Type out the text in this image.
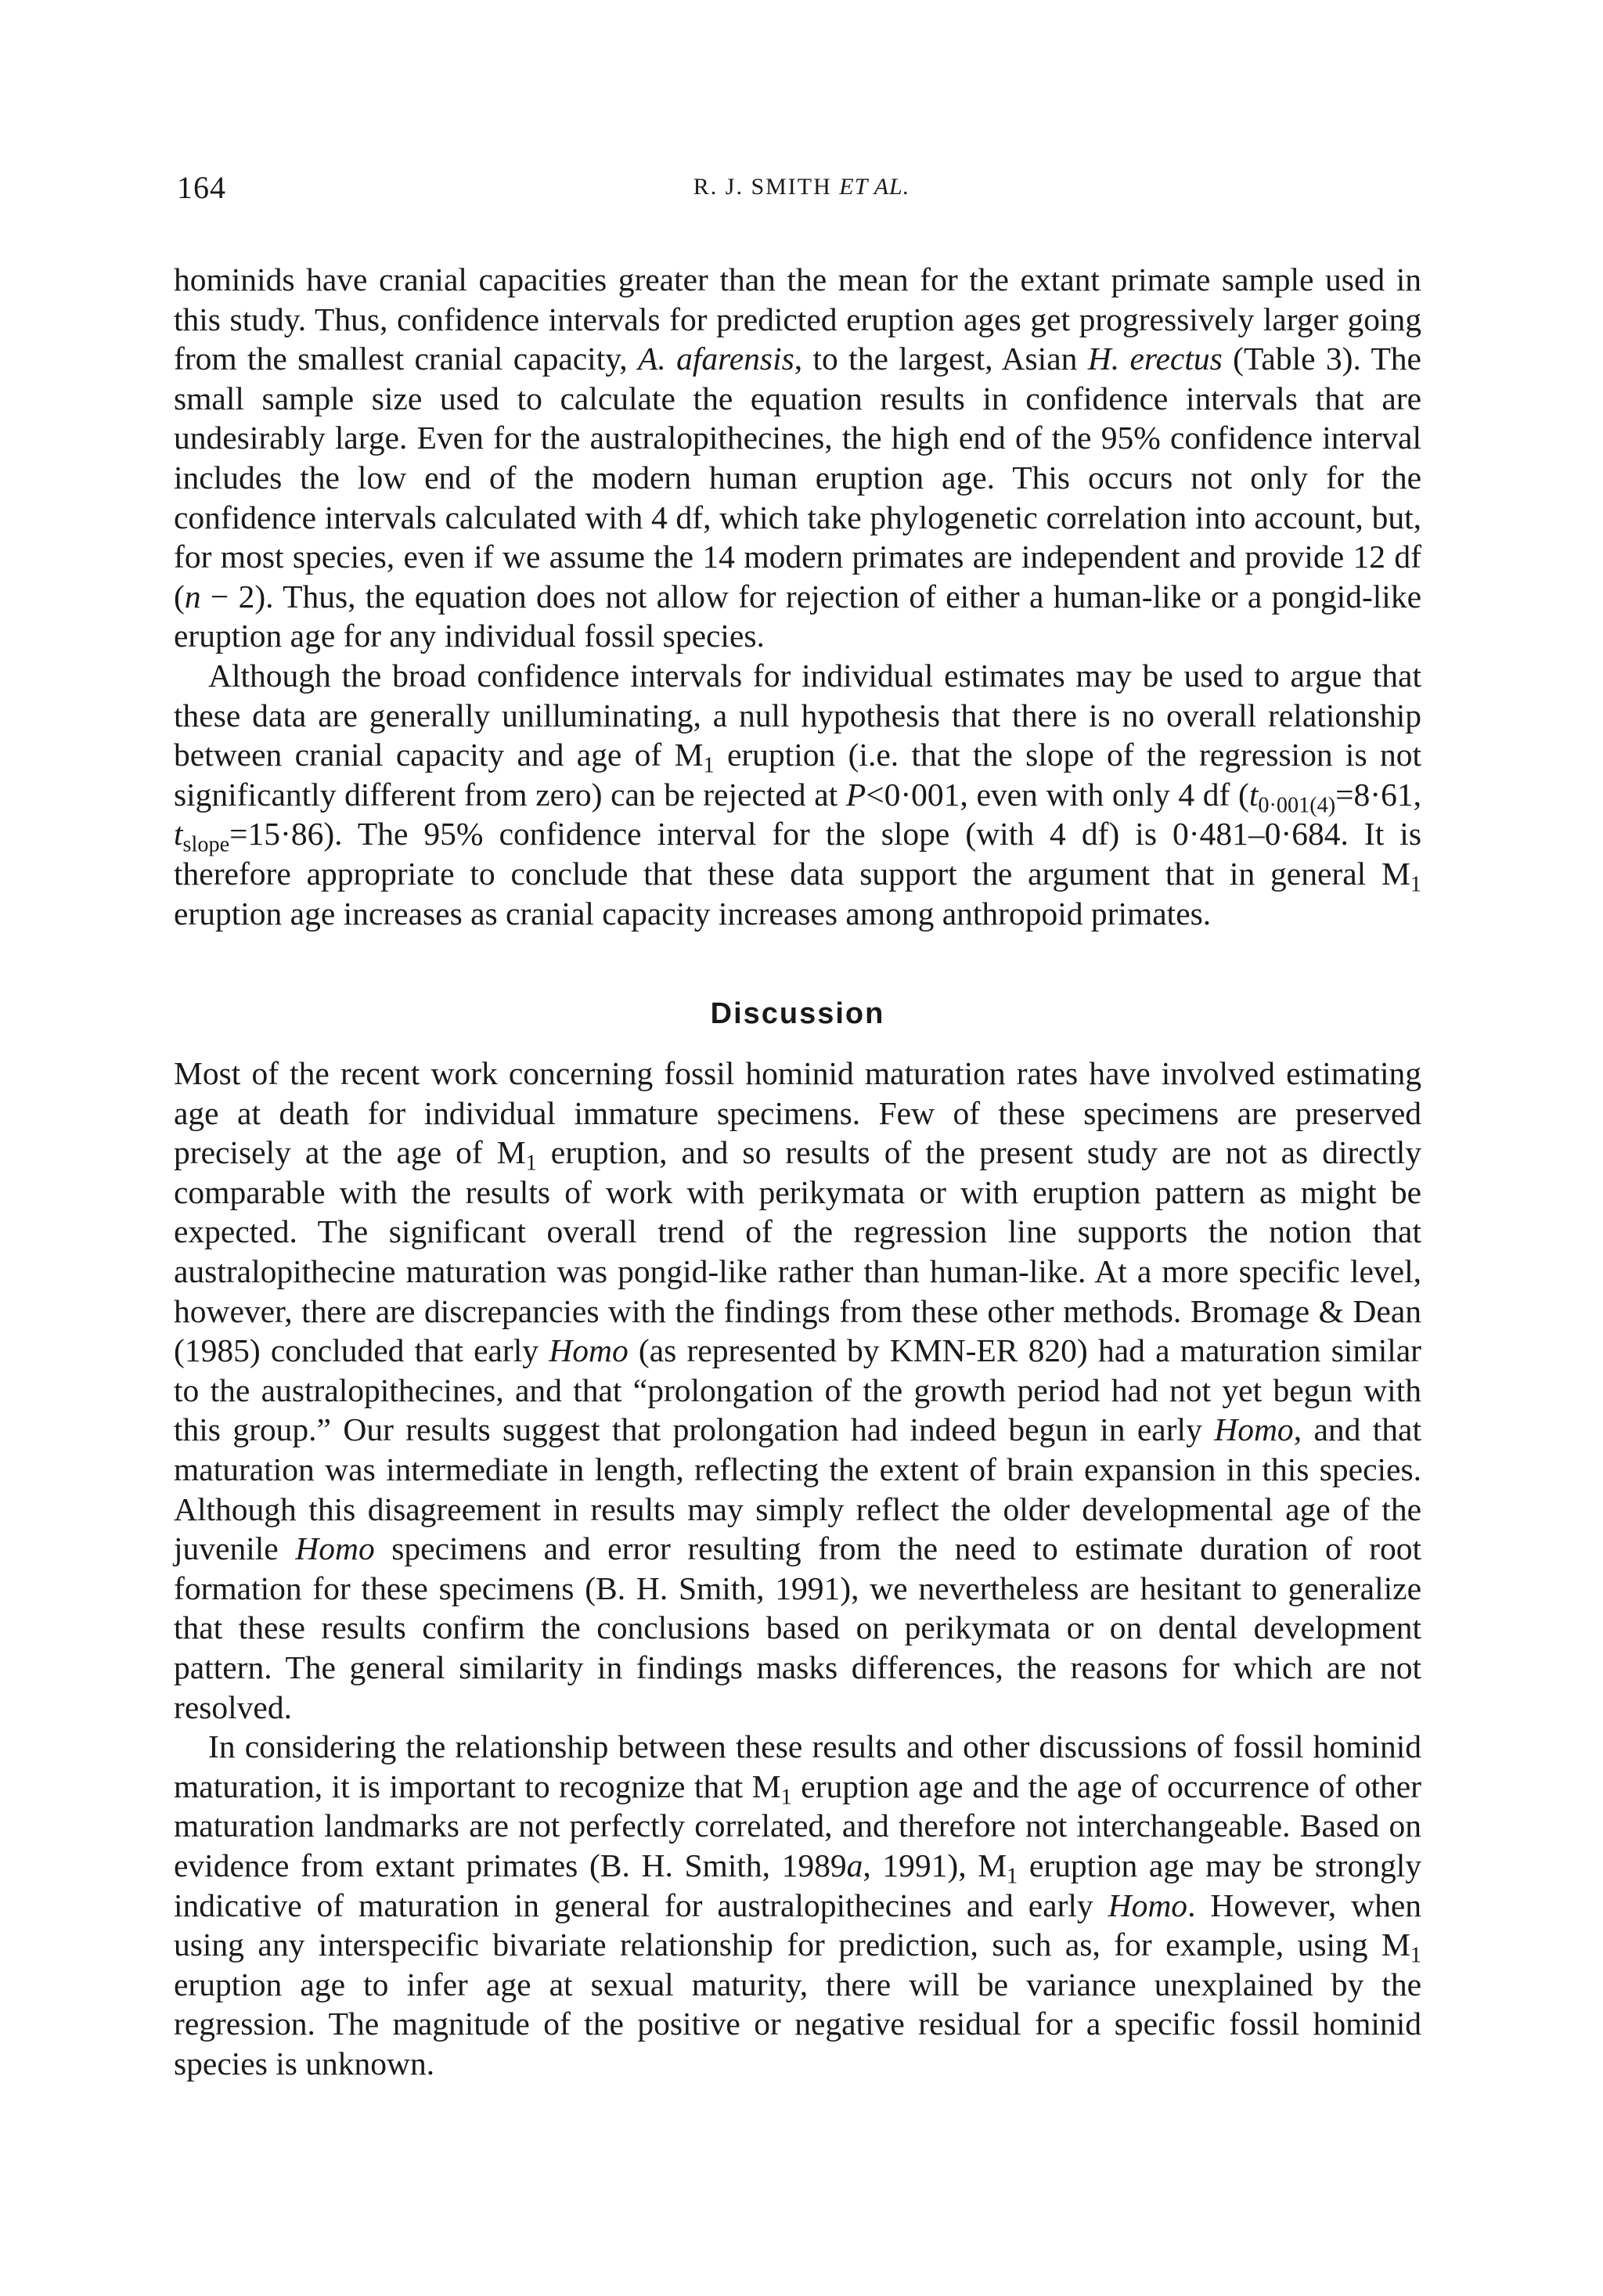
164	R. J. SMITH ET AL.

hominids have cranial capacities greater than the mean for the extant primate sample used in this study. Thus, confidence intervals for predicted eruption ages get progressively larger going from the smallest cranial capacity, A. afarensis, to the largest, Asian H. erectus (Table 3). The small sample size used to calculate the equation results in confidence intervals that are undesirably large. Even for the australopithecines, the high end of the 95% confidence interval includes the low end of the modern human eruption age. This occurs not only for the confidence intervals calculated with 4 df, which take phylogenetic correlation into account, but, for most species, even if we assume the 14 modern primates are independent and provide 12 df (n − 2). Thus, the equation does not allow for rejection of either a human-like or a pongid-like eruption age for any individual fossil species.

Although the broad confidence intervals for individual estimates may be used to argue that these data are generally unilluminating, a null hypothesis that there is no overall relationship between cranial capacity and age of $M_1$ eruption (i.e. that the slope of the regression is not significantly different from zero) can be rejected at P<0·001, even with only 4 df ($t_{0\cdot 001(4)}=8\cdot 61$, $t_{slope}=15\cdot 86$). The 95% confidence interval for the slope (with 4 df) is 0·481–0·684. It is therefore appropriate to conclude that these data support the argument that in general $M_1$ eruption age increases as cranial capacity increases among anthropoid primates.

Discussion

Most of the recent work concerning fossil hominid maturation rates have involved estimating age at death for individual immature specimens. Few of these specimens are preserved precisely at the age of $M_1$ eruption, and so results of the present study are not as directly comparable with the results of work with perikymata or with eruption pattern as might be expected. The significant overall trend of the regression line supports the notion that australopithecine maturation was pongid-like rather than human-like. At a more specific level, however, there are discrepancies with the findings from these other methods. Bromage & Dean (1985) concluded that early Homo (as represented by KMN-ER 820) had a maturation similar to the australopithecines, and that “prolongation of the growth period had not yet begun with this group.” Our results suggest that prolongation had indeed begun in early Homo, and that maturation was intermediate in length, reflecting the extent of brain expansion in this species. Although this disagreement in results may simply reflect the older developmental age of the juvenile Homo specimens and error resulting from the need to estimate duration of root formation for these specimens (B. H. Smith, 1991), we nevertheless are hesitant to generalize that these results confirm the conclusions based on perikymata or on dental development pattern. The general similarity in findings masks differences, the reasons for which are not resolved.

In considering the relationship between these results and other discussions of fossil hominid maturation, it is important to recognize that $M_1$ eruption age and the age of occurrence of other maturation landmarks are not perfectly correlated, and therefore not interchangeable. Based on evidence from extant primates (B. H. Smith, 1989a, 1991), $M_1$ eruption age may be strongly indicative of maturation in general for australopithecines and early Homo. However, when using any interspecific bivariate relationship for prediction, such as, for example, using $M_1$ eruption age to infer age at sexual maturity, there will be variance unexplained by the regression. The magnitude of the positive or negative residual for a specific fossil hominid species is unknown.
